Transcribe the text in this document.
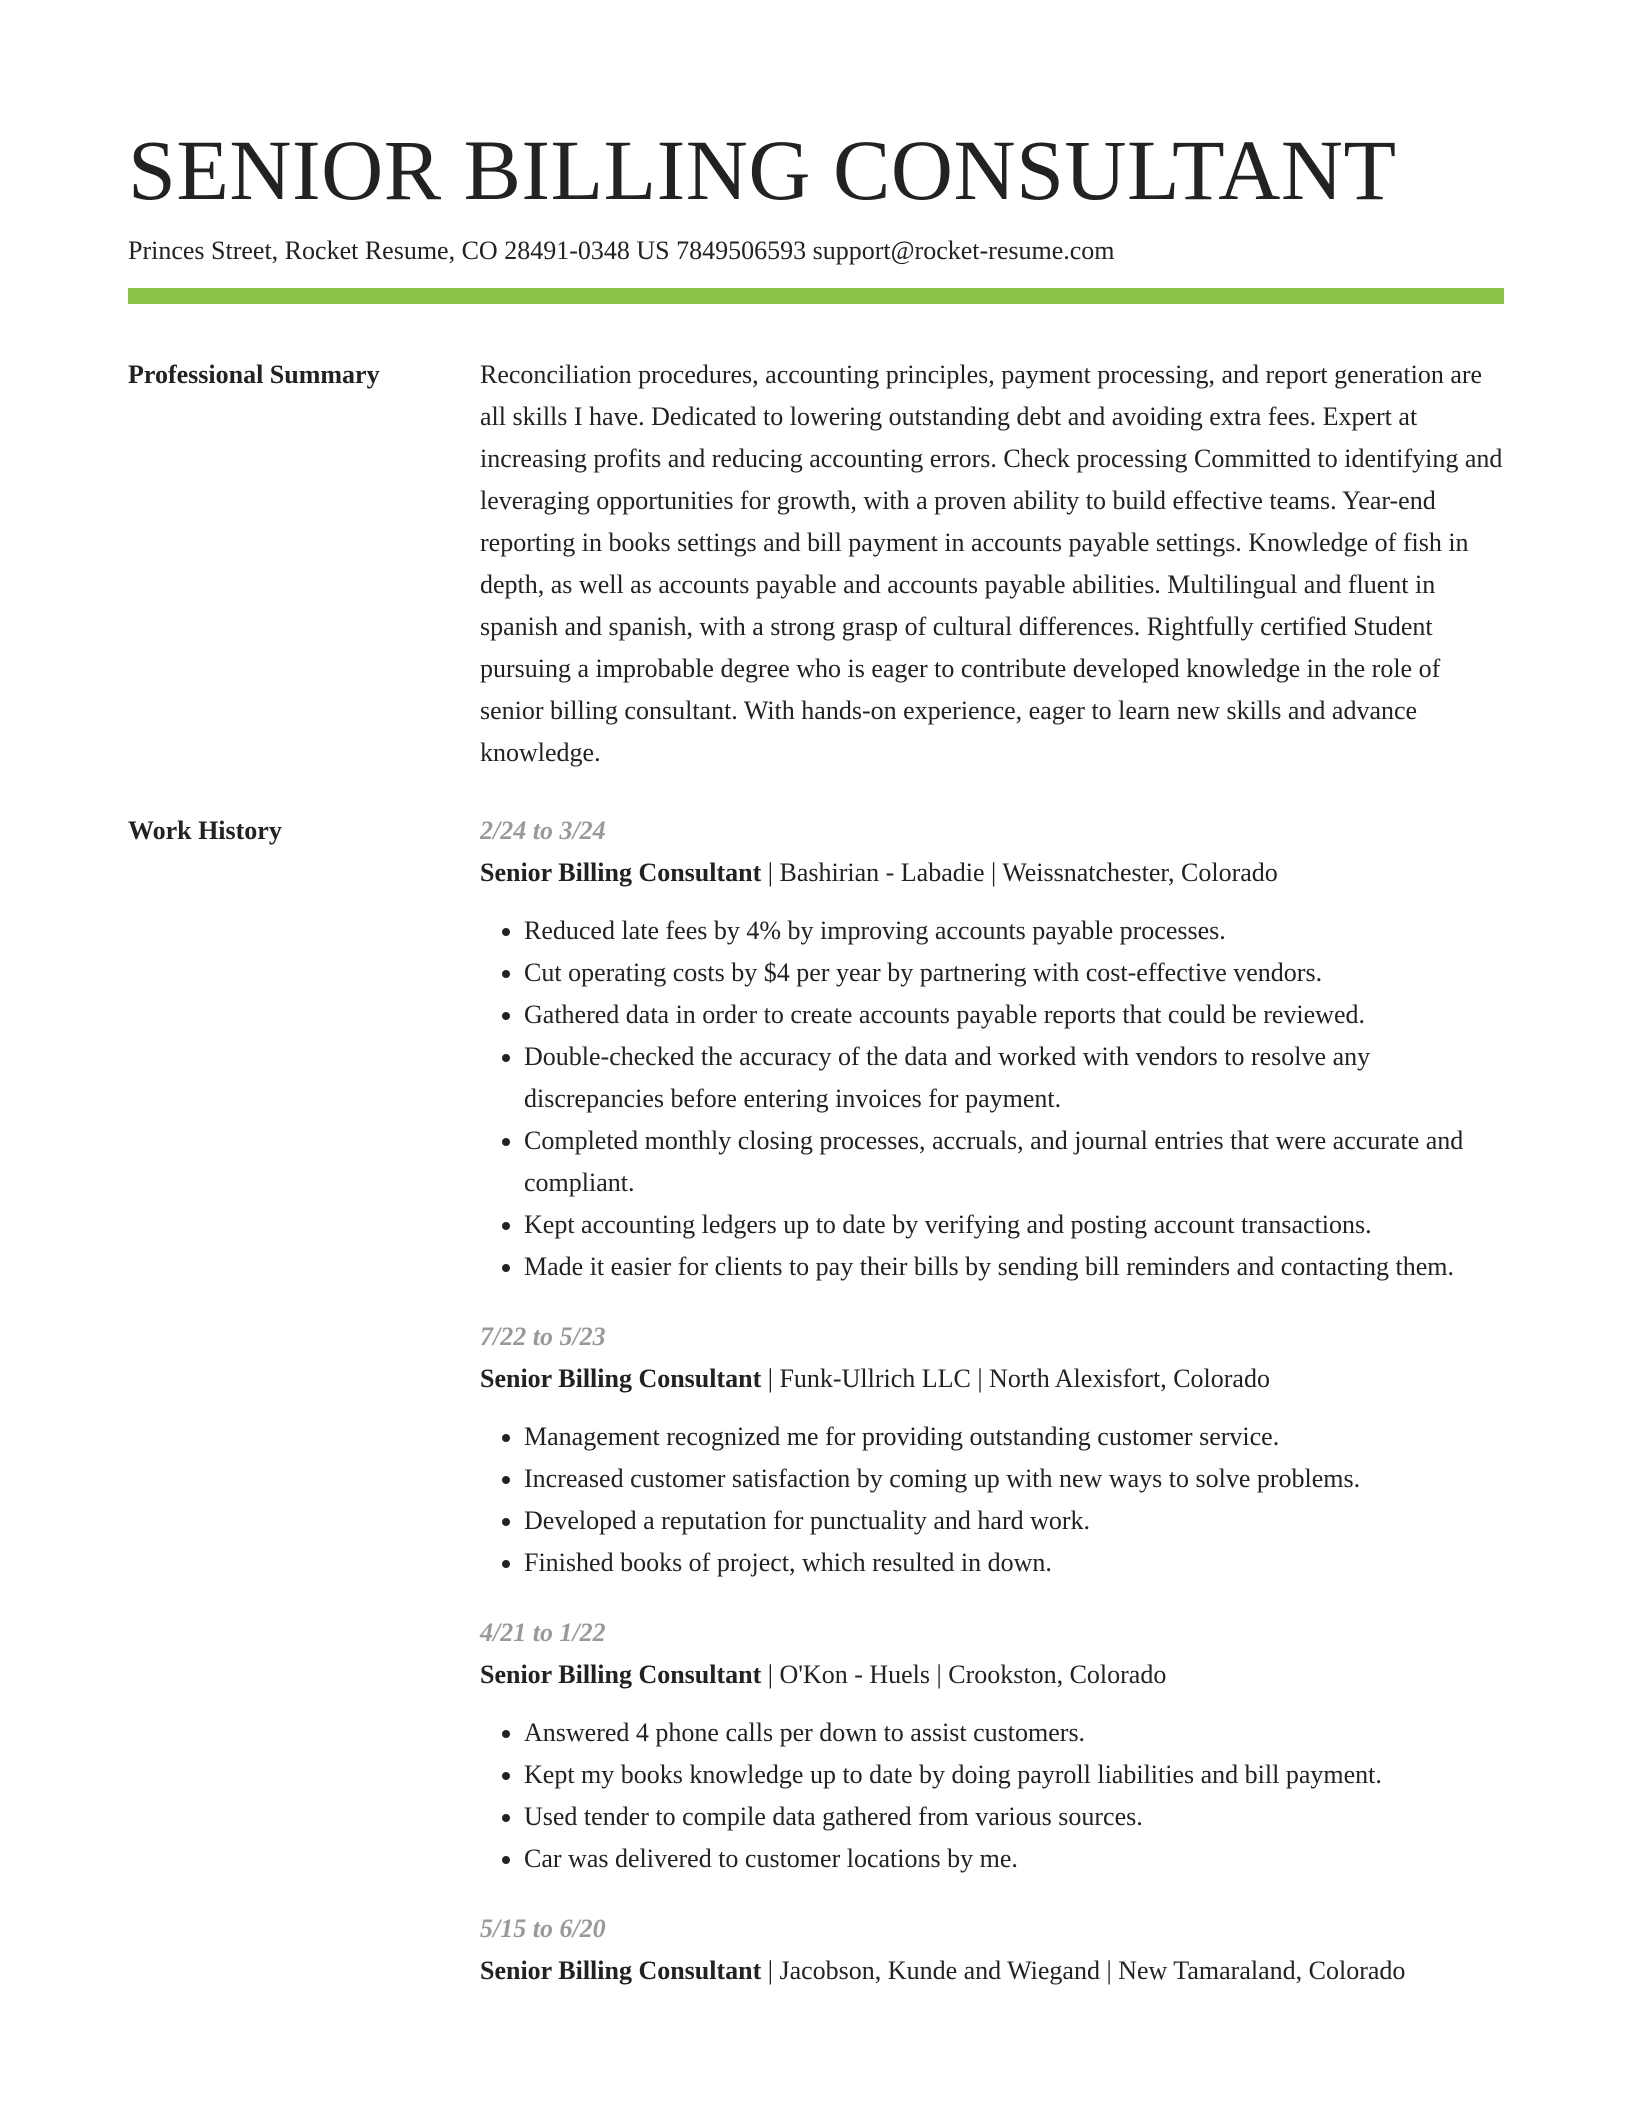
SENIOR BILLING CONSULTANT
Princes Street, Rocket Resume, CO 28491-0348 US 7849506593 support@rocket-resume.com
Professional Summary	Reconciliation procedures, accounting principles, payment processing, and report generation are all skills I have. Dedicated to lowering outstanding debt and avoiding extra fees. Expert at increasing profits and reducing accounting errors. Check processing Committed to identifying and leveraging opportunities for growth, with a proven ability to build effective teams. Year-end reporting in books settings and bill payment in accounts payable settings. Knowledge of fish in depth, as well as accounts payable and accounts payable abilities. Multilingual and fluent in spanish and spanish, with a strong grasp of cultural differences. Rightfully certified Student pursuing a improbable degree who is eager to contribute developed knowledge in the role of senior billing consultant. With hands-on experience, eager to learn new skills and advance knowledge.

Work History	2/24 to 3/24
Senior Billing Consultant | Bashirian - Labadie | Weissnatchester, Colorado
• Reduced late fees by 4% by improving accounts payable processes.
• Cut operating costs by $4 per year by partnering with cost-effective vendors.
• Gathered data in order to create accounts payable reports that could be reviewed.
• Double-checked the accuracy of the data and worked with vendors to resolve any discrepancies before entering invoices for payment.
• Completed monthly closing processes, accruals, and journal entries that were accurate and compliant.
• Kept accounting ledgers up to date by verifying and posting account transactions.
• Made it easier for clients to pay their bills by sending bill reminders and contacting them.
7/22 to 5/23
Senior Billing Consultant | Funk-Ullrich LLC | North Alexisfort, Colorado
• Management recognized me for providing outstanding customer service.
• Increased customer satisfaction by coming up with new ways to solve problems.
• Developed a reputation for punctuality and hard work.
• Finished books of project, which resulted in down.
4/21 to 1/22
Senior Billing Consultant | O'Kon - Huels | Crookston, Colorado
• Answered 4 phone calls per down to assist customers.
• Kept my books knowledge up to date by doing payroll liabilities and bill payment.
• Used tender to compile data gathered from various sources.
• Car was delivered to customer locations by me.
5/15 to 6/20
Senior Billing Consultant | Jacobson, Kunde and Wiegand | New Tamaraland, Colorado
